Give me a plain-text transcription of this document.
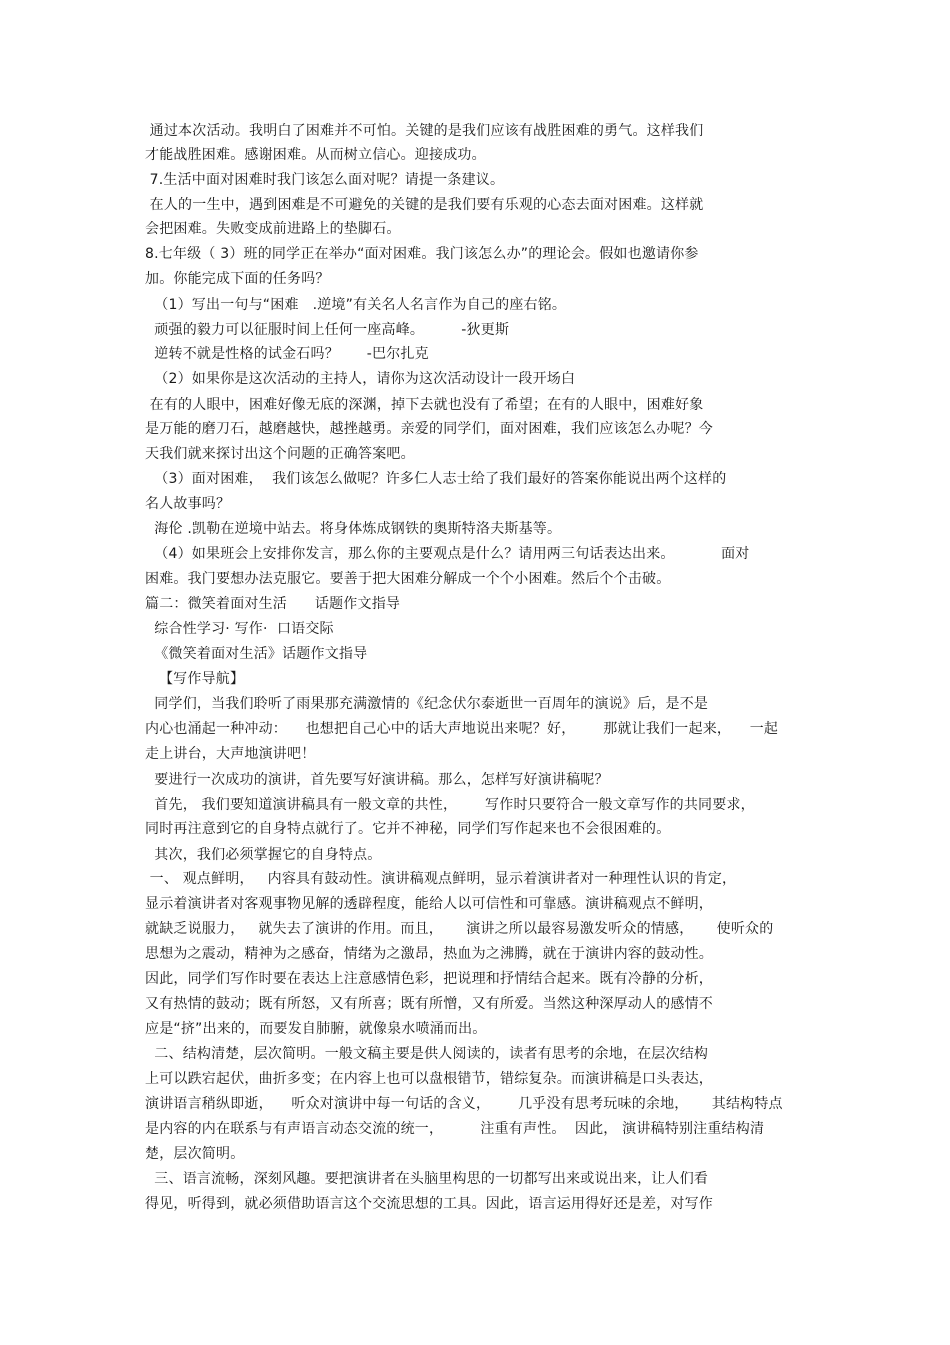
通过本次活动。我明白了困难并不可怕。关键的是我们应该有战胜困难的勇气。这样我们
才能战胜困难。感谢困难。从而树立信心。迎接成功。
7.生活中面对困难时我门该怎么面对呢？请提一条建议。
在人的一生中，遇到困难是不可避免的关键的是我们要有乐观的心态去面对困难。这样就
会把困难。失败变成前进路上的垫脚石。
8.七年级（ 3）班的同学正在举办“面对困难。我门该怎么办”的理论会。假如也邀请你参
加。你能完成下面的任务吗？
（1）写出一句与“困难   .逆境”有关名人名言作为自己的座右铭。
顽强的毅力可以征服时间上任何一座高峰。        -狄更斯
逆转不就是性格的试金石吗？      -巴尔扎克
（2）如果你是这次活动的主持人，请你为这次活动设计一段开场白
在有的人眼中，困难好像无底的深渊，掉下去就也没有了希望；在有的人眼中，困难好象
是万能的磨刀石，越磨越快，越挫越勇。亲爱的同学们，面对困难，我们应该怎么办呢？今
天我们就来探讨出这个问题的正确答案吧。
（3）面对困难，  我们该怎么做呢？许多仁人志士给了我们最好的答案你能说出两个这样的
名人故事吗？
海伦 .凯勒在逆境中站去。将身体炼成钢铁的奥斯特洛夫斯基等。
（4）如果班会上安排你发言，那么你的主要观点是什么？请用两三句话表达出来。          面对
困难。我门要想办法克服它。要善于把大困难分解成一个个小困难。然后个个击破。
篇二：微笑着面对生活      话题作文指导
综合性学习· 写作·  口语交际
《微笑着面对生活》话题作文指导
【写作导航】
同学们，当我们聆听了雨果那充满激情的《纪念伏尔泰逝世一百周年的演说》后，是不是
内心也涌起一种冲动：    也想把自己心中的话大声地说出来呢？好，      那就让我们一起来，    一起
走上讲台，大声地演讲吧！
要进行一次成功的演讲，首先要写好演讲稿。那么，怎样写好演讲稿呢？
首先， 我们要知道演讲稿具有一般文章的共性，      写作时只要符合一般文章写作的共同要求，
同时再注意到它的自身特点就行了。它并不神秘，同学们写作起来也不会很困难的。
其次，我们必须掌握它的自身特点。
一、 观点鲜明，   内容具有鼓动性。演讲稿观点鲜明，显示着演讲者对一种理性认识的肯定，
显示着演讲者对客观事物见解的透辟程度，能给人以可信性和可靠感。演讲稿观点不鲜明，
就缺乏说服力，   就失去了演讲的作用。而且，     演讲之所以最容易激发听众的情感，     使听众的
思想为之震动，精神为之感奋，情绪为之激昂，热血为之沸腾，就在于演讲内容的鼓动性。
因此，同学们写作时要在表达上注意感情色彩，把说理和抒情结合起来。既有冷静的分析，
又有热情的鼓动；既有所怒，又有所喜；既有所憎，又有所爱。当然这种深厚动人的感情不
应是“挤”出来的，而要发自肺腑，就像泉水喷涌而出。
二、结构清楚，层次简明。一般文稿主要是供人阅读的，读者有思考的余地，在层次结构
上可以跌宕起伏，曲折多变；在内容上也可以盘根错节，错综复杂。而演讲稿是口头表达，
演讲语言稍纵即逝，    听众对演讲中每一句话的含义，      几乎没有思考玩味的余地，     其结构特点
是内容的内在联系与有声语言动态交流的统一，        注重有声性。  因此， 演讲稿特别注重结构清
楚，层次简明。
三、语言流畅，深刻风趣。要把演讲者在头脑里构思的一切都写出来或说出来，让人们看
得见，听得到，就必须借助语言这个交流思想的工具。因此，语言运用得好还是差，对写作
